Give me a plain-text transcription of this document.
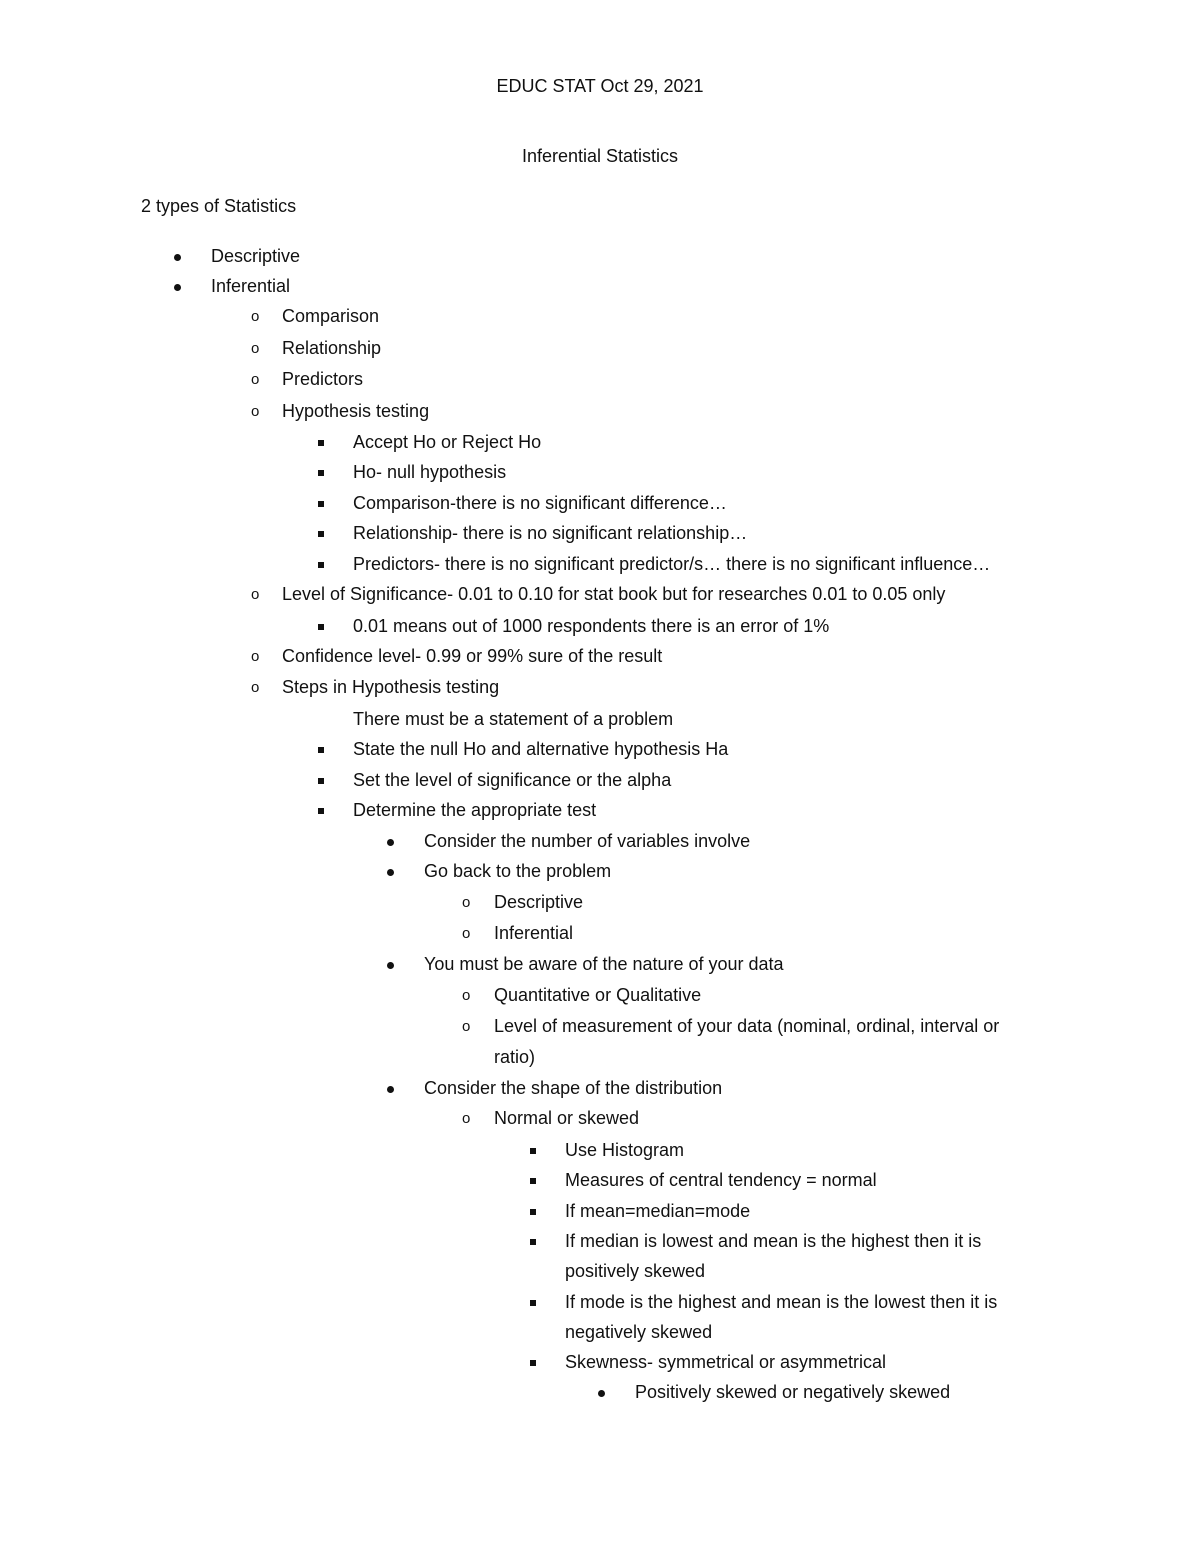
EDUC STAT Oct 29, 2021
Inferential Statistics
2 types of Statistics
Descriptive
Inferential
o Comparison
o Relationship
o Predictors
o Hypothesis testing
Accept Ho or Reject Ho
Ho- null hypothesis
Comparison-there is no significant difference…
Relationship- there is no significant relationship…
Predictors- there is no significant predictor/s… there is no significant influence…
o Level of Significance- 0.01 to 0.10 for stat book but for researches 0.01 to 0.05 only
0.01 means out of 1000 respondents there is an error of 1%
o Confidence level- 0.99 or 99% sure of the result
o Steps in Hypothesis testing
There must be a statement of a problem
State the null Ho and alternative hypothesis Ha
Set the level of significance or the alpha
Determine the appropriate test
Consider the number of variables involve
Go back to the problem
o Descriptive
o Inferential
You must be aware of the nature of your data
o Quantitative or Qualitative
o Level of measurement of your data (nominal, ordinal, interval or
ratio)
Consider the shape of the distribution
o Normal or skewed
Use Histogram
Measures of central tendency = normal
If mean=median=mode
If median is lowest and mean is the highest then it is
positively skewed
If mode is the highest and mean is the lowest then it is
negatively skewed
Skewness- symmetrical or asymmetrical
Positively skewed or negatively skewed
